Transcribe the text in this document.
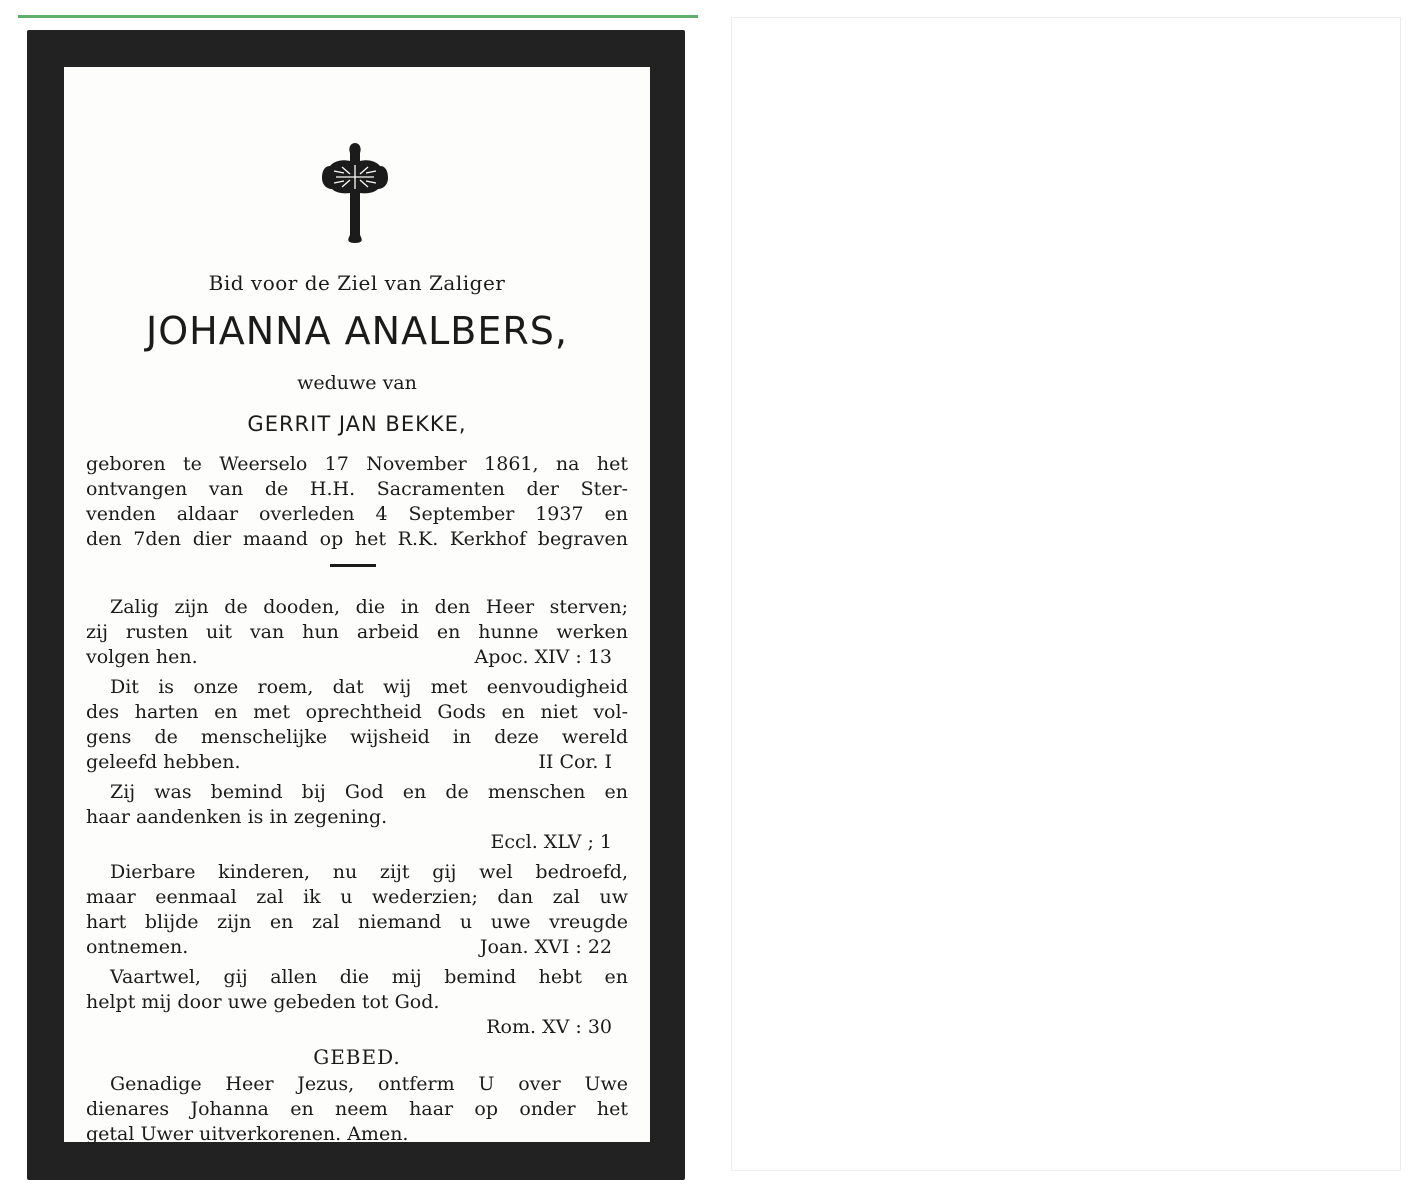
Bid voor de Ziel van Zaliger

JOHANNA ANALBERS,

weduwe van

GERRIT JAN BEKKE,

geboren te Weerselo 17 November 1861, na het
ontvangen van de H.H. Sacramenten der Ster-
venden aldaar overleden 4 September 1937 en
den 7den dier maand op het R.K. Kerkhof begraven
Zalig zijn de dooden, die in den Heer sterven;
zij rusten uit van hun arbeid en hunne werken
volgen hen.	Apoc. XIV : 13
Dit is onze roem, dat wij met eenvoudigheid
des harten en met oprechtheid Gods en niet vol-
gens de menschelijke wijsheid in deze wereld
geleefd hebben.	II Cor. I
Zij was bemind bij God en de menschen en
haar aandenken is in zegening.
Eccl. XLV ; 1
Dierbare kinderen, nu zijt gij wel bedroefd,
maar eenmaal zal ik u wederzien; dan zal uw
hart blijde zijn en zal niemand u uwe vreugde
ontnemen.	Joan. XVI : 22
Vaartwel, gij allen die mij bemind hebt en
helpt mij door uwe gebeden tot God.
Rom. XV : 30

GEBED.

Genadige Heer Jezus, ontferm U over Uwe
dienares Johanna en neem haar op onder het
getal Uwer uitverkorenen. Amen.
